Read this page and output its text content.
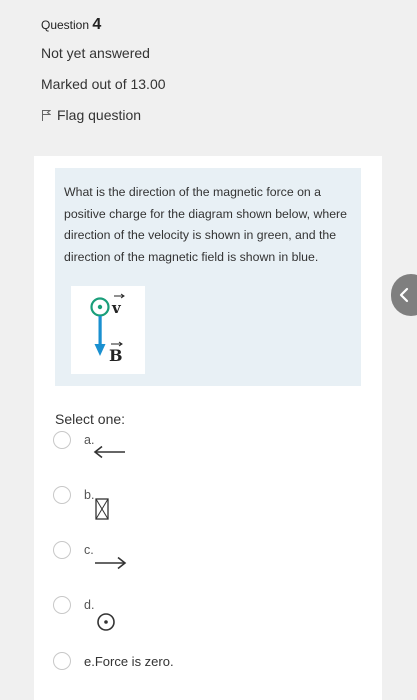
Question 4
Not yet answered
Marked out of 13.00
Flag question

What is the direction of the magnetic force on a positive charge for the diagram shown below, where direction of the velocity is shown in green, and the direction of the magnetic field is shown in blue.

v
B
Select one:
a.
b.
c.
d.
e.Force is zero.
